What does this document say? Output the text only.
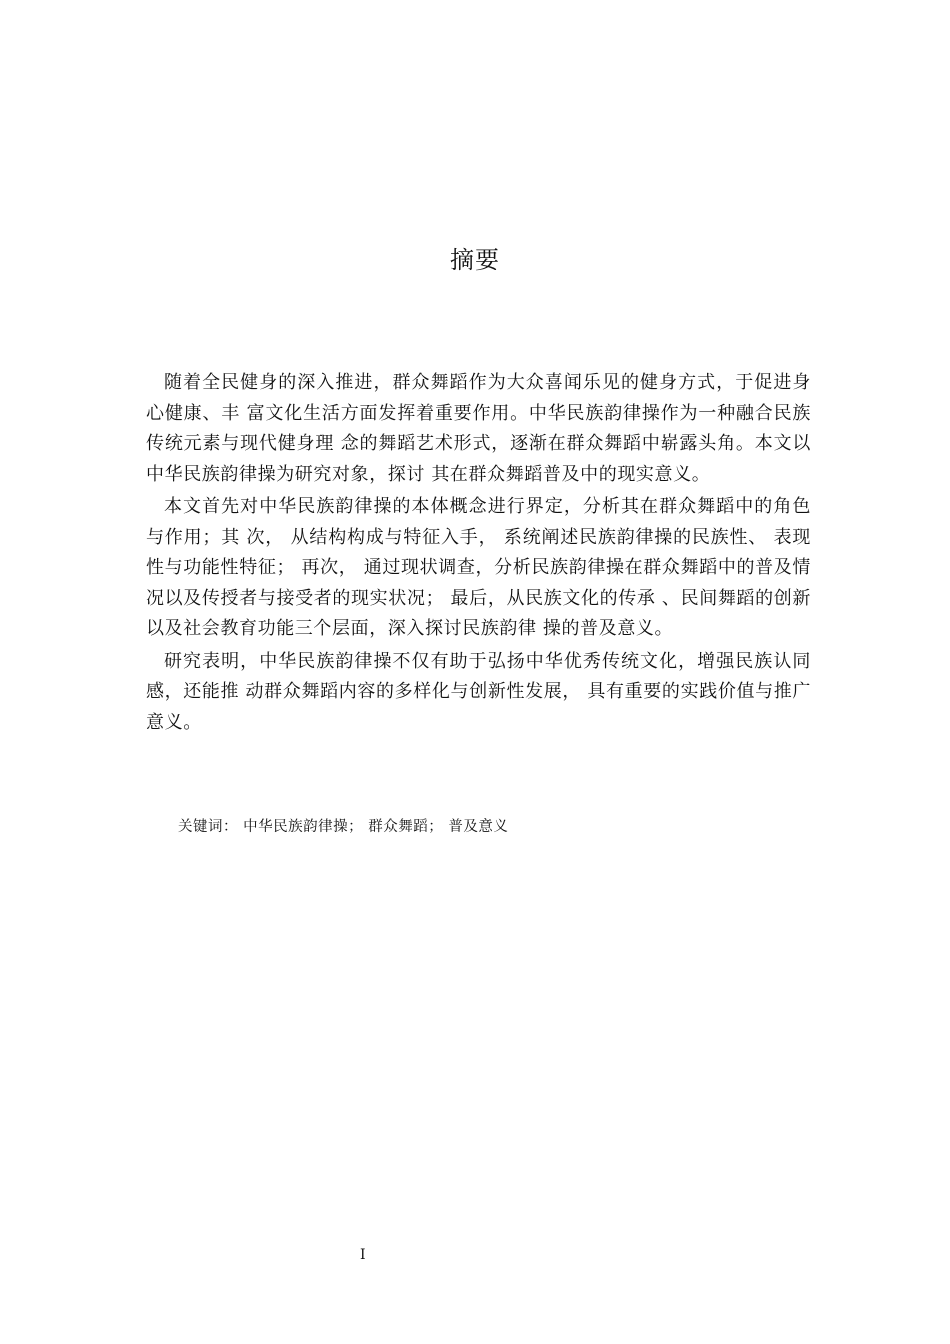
摘要

随着全民健身的深入推进，群众舞蹈作为大众喜闻乐见的健身方式，于促进身心健康、丰 富文化生活方面发挥着重要作用。中华民族韵律操作为一种融合民族传统元素与现代健身理 念的舞蹈艺术形式，逐渐在群众舞蹈中崭露头角。本文以中华民族韵律操为研究对象，探讨 其在群众舞蹈普及中的现实意义。

本文首先对中华民族韵律操的本体概念进行界定，分析其在群众舞蹈中的角色与作用；其 次， 从结构构成与特征入手， 系统阐述民族韵律操的民族性、 表现性与功能性特征； 再次， 通过现状调查，分析民族韵律操在群众舞蹈中的普及情况以及传授者与接受者的现实状况； 最后，从民族文化的传承 、民间舞蹈的创新以及社会教育功能三个层面，深入探讨民族韵律 操的普及意义。

研究表明，中华民族韵律操不仅有助于弘扬中华优秀传统文化，增强民族认同感，还能推 动群众舞蹈内容的多样化与创新性发展， 具有重要的实践价值与推广意义。

关键词： 中华民族韵律操； 群众舞蹈； 普及意义
I
